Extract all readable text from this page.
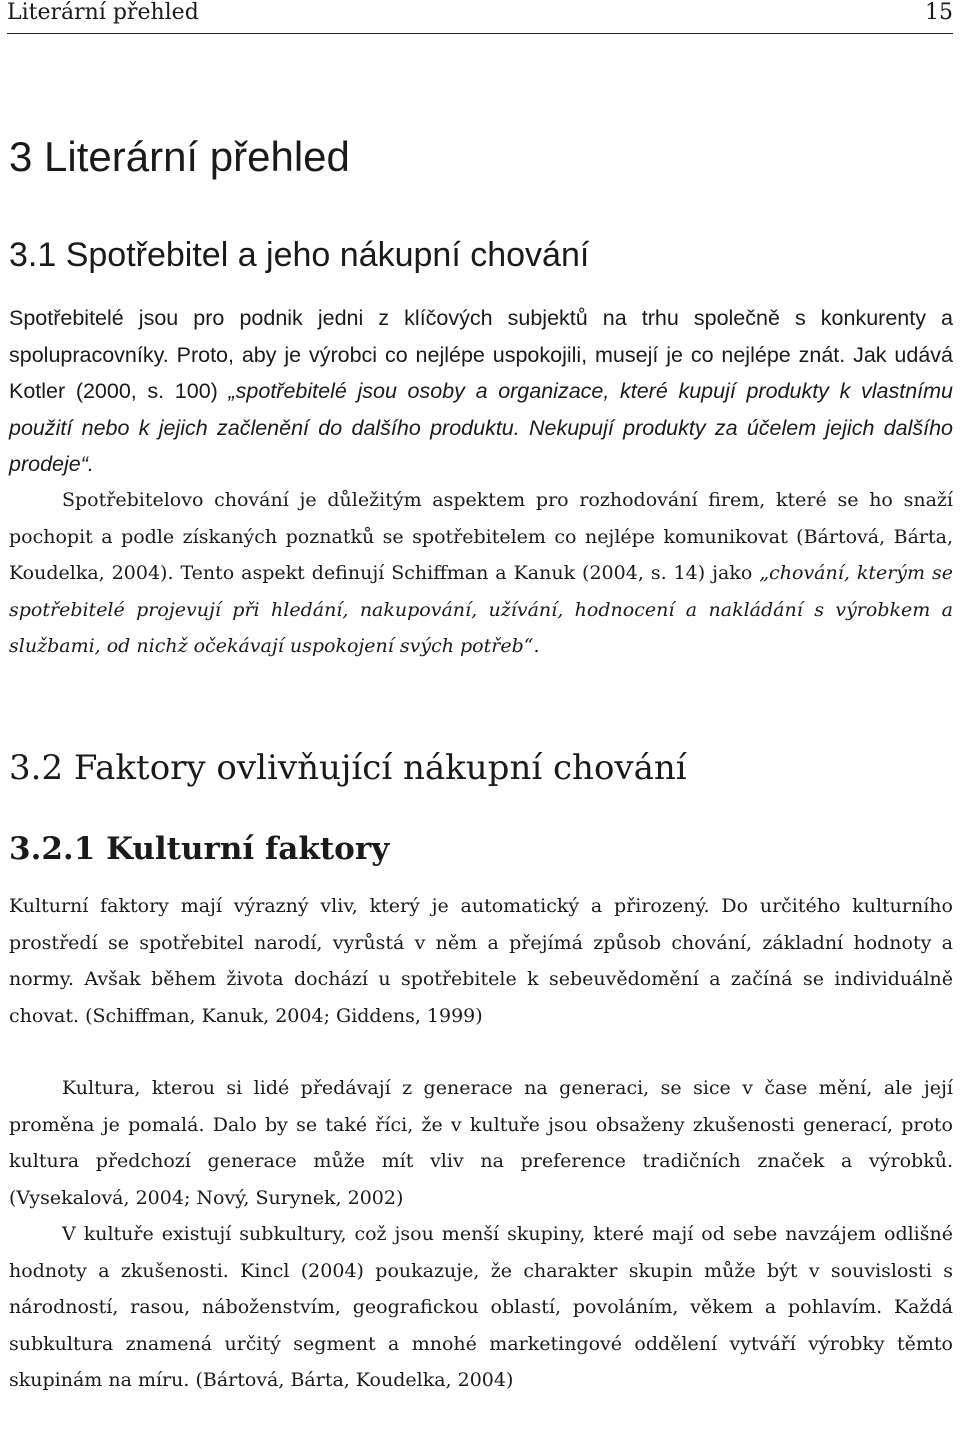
Literární přehled	15
3 Literární přehled
3.1 Spotřebitel a jeho nákupní chování

Spotřebitelé jsou pro podnik jedni z klíčových subjektů na trhu společně s konkurenty a spolupracovníky. Proto, aby je výrobci co nejlépe uspokojili, musejí je co nejlépe znát. Jak udává Kotler (2000, s. 100) „spotřebitelé jsou osoby a organizace, které kupují produkty k vlastnímu použití nebo k jejich začlenění do dalšího produktu. Nekupují produkty za účelem jejich dalšího prodeje“.

Spotřebitelovo chování je důležitým aspektem pro rozhodování firem, které se ho snaží pochopit a podle získaných poznatků se spotřebitelem co nejlépe komunikovat (Bártová, Bárta, Koudelka, 2004). Tento aspekt definují Schiffman a Kanuk (2004, s. 14) jako „chování, kterým se spotřebitelé projevují při hledání, nakupování, užívání, hodnocení a nakládání s výrobkem a službami, od nichž očekávají uspokojení svých potřeb“.

3.2 Faktory ovlivňující nákupní chování
3.2.1 Kulturní faktory

Kulturní faktory mají výrazný vliv, který je automatický a přirozený. Do určitého kulturního prostředí se spotřebitel narodí, vyrůstá v něm a přejímá způsob chování, základní hodnoty a normy. Avšak během života dochází u spotřebitele k sebeuvědomění a začíná se individuálně chovat. (Schiffman, Kanuk, 2004; Giddens, 1999)

Kultura, kterou si lidé předávají z generace na generaci, se sice v čase mění, ale její proměna je pomalá. Dalo by se také říci, že v kultuře jsou obsaženy zkušenosti generací, proto kultura předchozí generace může mít vliv na preference tradičních značek a výrobků. (Vysekalová, 2004; Nový, Surynek, 2002)

V kultuře existují subkultury, což jsou menší skupiny, které mají od sebe navzájem odlišné hodnoty a zkušenosti. Kincl (2004) poukazuje, že charakter skupin může být v souvislosti s národností, rasou, náboženstvím, geografickou oblastí, povoláním, věkem a pohlavím. Každá subkultura znamená určitý segment a mnohé marketingové oddělení vytváří výrobky těmto skupinám na míru. (Bártová, Bárta, Koudelka, 2004)
